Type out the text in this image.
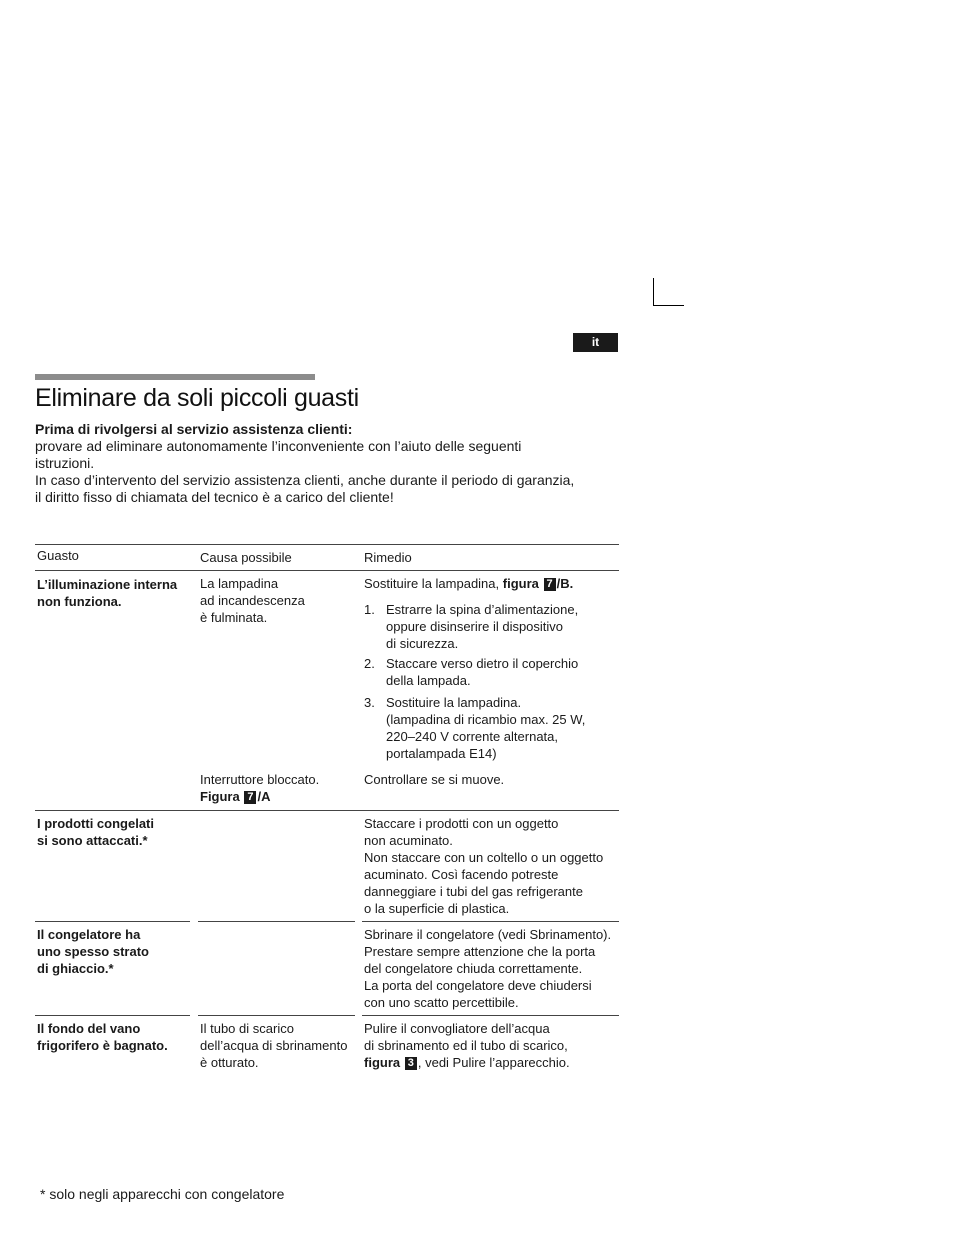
it
Eliminare da soli piccoli guasti

Prima di rivolgersi al servizio assistenza clienti:

provare ad eliminare autonomamente l’inconveniente con l’aiuto delle seguenti

istruzioni.

In caso d’intervento del servizio assistenza clienti, anche durante il periodo di garanzia,

il diritto fisso di chiamata del tecnico è a carico del cliente!

Guasto	Causa possibile	Rimedio
L’illuminazione interna
non funziona.
La lampadina
ad incandescenza
è fulminata.
Sostituire la lampadina, figura 7 /B.
1. Estrarre la spina d’alimentazione,
oppure disinserire il dispositivo
di sicurezza.
2. Staccare verso dietro il coperchio
della lampada.
3. Sostituire la lampadina.
(lampadina di ricambio max. 25 W,
220–240 V corrente alternata,
portalampada E14)
Interruttore bloccato.
Figura 7 /A
Controllare se si muove.
I prodotti congelati
si sono attaccati.*
Staccare i prodotti con un oggetto
non acuminato.
Non staccare con un coltello o un oggetto
acuminato. Così facendo potreste
danneggiare i tubi del gas refrigerante
o la superficie di plastica.
Il congelatore ha
uno spesso strato
di ghiaccio.*
Sbrinare il congelatore (vedi Sbrinamento).
Prestare sempre attenzione che la porta
del congelatore chiuda correttamente.
La porta del congelatore deve chiudersi
con uno scatto percettibile.
Il fondo del vano
frigorifero è bagnato.
Il tubo di scarico
dell’acqua di sbrinamento
è otturato.
Pulire il convogliatore dell’acqua
di sbrinamento ed il tubo di scarico,
figura 3 , vedi Pulire l’apparecchio.
* solo negli apparecchi con congelatore
